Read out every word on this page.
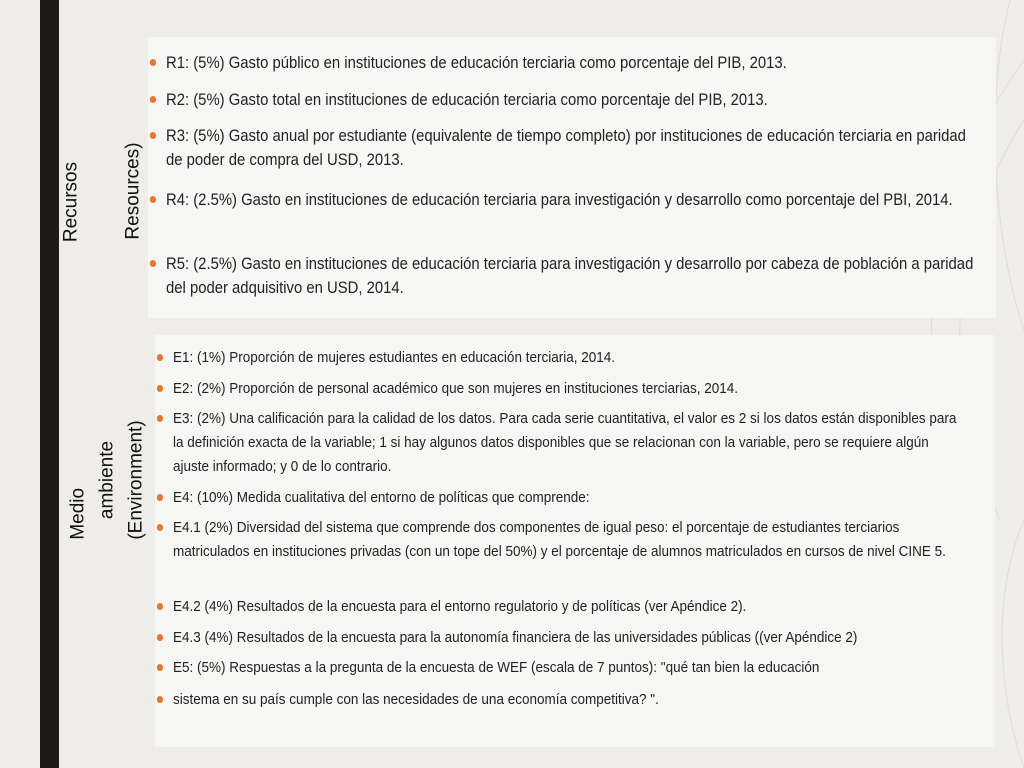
Recursos Resources)
Medio ambiente (Environment)
R1: (5%) Gasto público en instituciones de educación terciaria como porcentaje del PIB, 2013.
R2: (5%) Gasto total en instituciones de educación terciaria como porcentaje del PIB, 2013.
R3: (5%) Gasto anual por estudiante (equivalente de tiempo completo) por instituciones de educación terciaria en paridad de poder de compra del USD, 2013.
R4: (2.5%) Gasto en instituciones de educación terciaria para investigación y desarrollo como porcentaje del PBI, 2014.
R5: (2.5%) Gasto en instituciones de educación terciaria para investigación y desarrollo por cabeza de población a paridad del poder adquisitivo en USD, 2014.
E1: (1%) Proporción de mujeres estudiantes en educación terciaria, 2014.
E2: (2%) Proporción de personal académico que son mujeres en instituciones terciarias, 2014.
E3: (2%) Una calificación para la calidad de los datos. Para cada serie cuantitativa, el valor es 2 si los datos están disponibles para la definición exacta de la variable; 1 si hay algunos datos disponibles que se relacionan con la variable, pero se requiere algún ajuste informado; y 0 de lo contrario.
E4: (10%) Medida cualitativa del entorno de políticas que comprende:
E4.1 (2%) Diversidad del sistema que comprende dos componentes de igual peso: el porcentaje de estudiantes terciarios matriculados en instituciones privadas (con un tope del 50%) y el porcentaje de alumnos matriculados en cursos de nivel CINE 5.
E4.2 (4%) Resultados de la encuesta para el entorno regulatorio y de políticas (ver Apéndice 2).
E4.3 (4%) Resultados de la encuesta para la autonomía financiera de las universidades públicas ((ver Apéndice 2)
E5: (5%) Respuestas a la pregunta de la encuesta de WEF (escala de 7 puntos): "qué tan bien la educación
sistema en su país cumple con las necesidades de una economía competitiva? ".
